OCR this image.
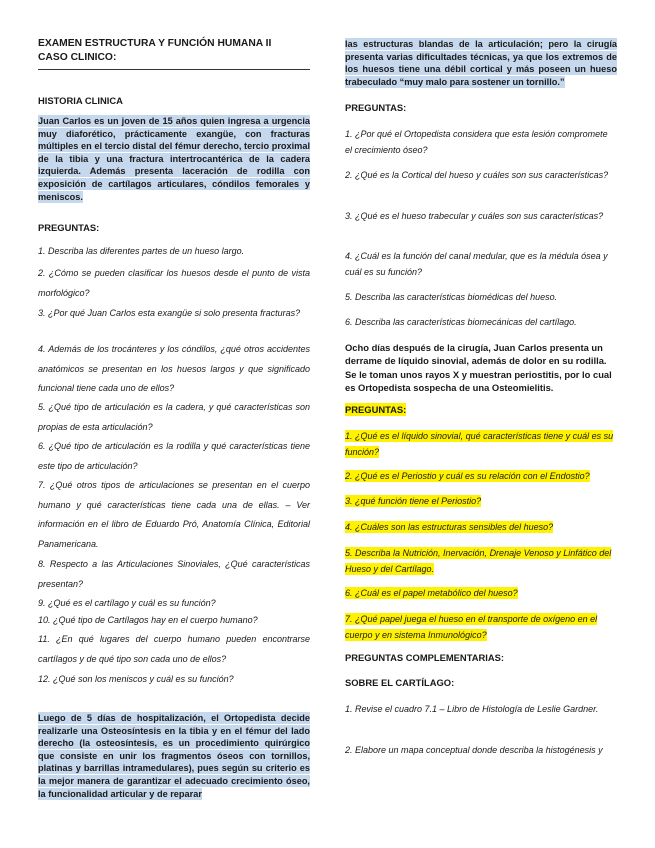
EXAMEN ESTRUCTURA Y FUNCIÓN HUMANA II
CASO CLINICO:
HISTORIA CLINICA

Juan Carlos es un joven de 15 años quien ingresa a urgencia muy diaforético, prácticamente exangüe, con fracturas múltiples en el tercio distal del fémur derecho, tercio proximal de la tibia y una fractura intertrocantérica de la cadera izquierda. Además presenta laceración de rodilla con exposición de cartílagos articulares, cóndilos femorales y meniscos.

PREGUNTAS:

1. Describa las diferentes partes de un hueso largo.

2. ¿Cómo se pueden clasificar los huesos desde el punto de vista morfológico?

3. ¿Por qué Juan Carlos esta exangüe si solo presenta fracturas?

4. Además de los trocánteres y los cóndilos, ¿qué otros accidentes anatómicos se presentan en los huesos largos y que significado funcional tiene cada uno de ellos?

5. ¿Qué tipo de articulación es la cadera, y qué características son propias de esta articulación?

6. ¿Qué tipo de articulación es la rodilla y qué características tiene este tipo de articulación?

7. ¿Qué otros tipos de articulaciones se presentan en el cuerpo humano y qué características tiene cada una de ellas. – Ver información en el libro de Eduardo Pró, Anatomía Clínica, Editorial Panamericana.

8. Respecto a las Articulaciones Sinoviales, ¿Qué características presentan?

9. ¿Qué es el cartílago y cuál es su función?

10. ¿Qué tipo de Cartílagos hay en el cuerpo humano?

11. ¿En qué lugares del cuerpo humano pueden encontrarse cartílagos y de qué tipo son cada uno de ellos?

12. ¿Qué son los meniscos y cuál es su función?

Luego de 5 días de hospitalización, el Ortopedista decide realizarle una Osteosíntesis en la tibia y en el fémur del lado derecho (la osteosíntesis, es un procedimiento quirúrgico que consiste en unir los fragmentos óseos con tornillos, platinas y barrillas intramedulares), pues según su criterio es la mejor manera de garantizar el adecuado crecimiento óseo, la funcionalidad articular y de reparar

las estructuras blandas de la articulación; pero la cirugía presenta varias dificultades técnicas, ya que los extremos de los huesos tiene una débil cortical y más poseen un hueso trabeculado “muy malo para sostener un tornillo.”

PREGUNTAS:

1. ¿Por qué el Ortopedista considera que esta lesión compromete el crecimiento óseo?

2. ¿Qué es la Cortical del hueso y cuáles son sus características?

3. ¿Qué es el hueso trabecular y cuáles son sus características?

4. ¿Cuál es la función del canal medular, que es la médula ósea y cuál es su función?

5. Describa las características biomédicas del hueso.

6. Describa las características biomecánicas del cartílago.

Ocho días después de la cirugía, Juan Carlos presenta un derrame de líquido sinovial, además de dolor en su rodilla. Se le toman unos rayos X y muestran periostitis, por lo cual es Ortopedista sospecha de una Osteomielitis.

PREGUNTAS:

1. ¿Qué es el líquido sinovial, qué características tiene y cuál es su función?

2. ¿Qué es el Periostio y cuál es su relación con el Endostio?

3. ¿qué función tiene el Periostio?

4. ¿Cuáles son las estructuras sensibles del hueso?

5. Describa la Nutrición, Inervación, Drenaje Venoso y Linfático del Hueso y del Cartílago.

6. ¿Cuál es el papel metabólico del hueso?

7. ¿Qué papel juega el hueso en el transporte de oxígeno en el cuerpo y en sistema Inmunológico?

PREGUNTAS COMPLEMENTARIAS:
SOBRE EL CARTÍLAGO:

1. Revise el cuadro 7.1 – Libro de Histología de Leslie Gardner.

2. Elabore un mapa conceptual donde describa la histogénesis y
